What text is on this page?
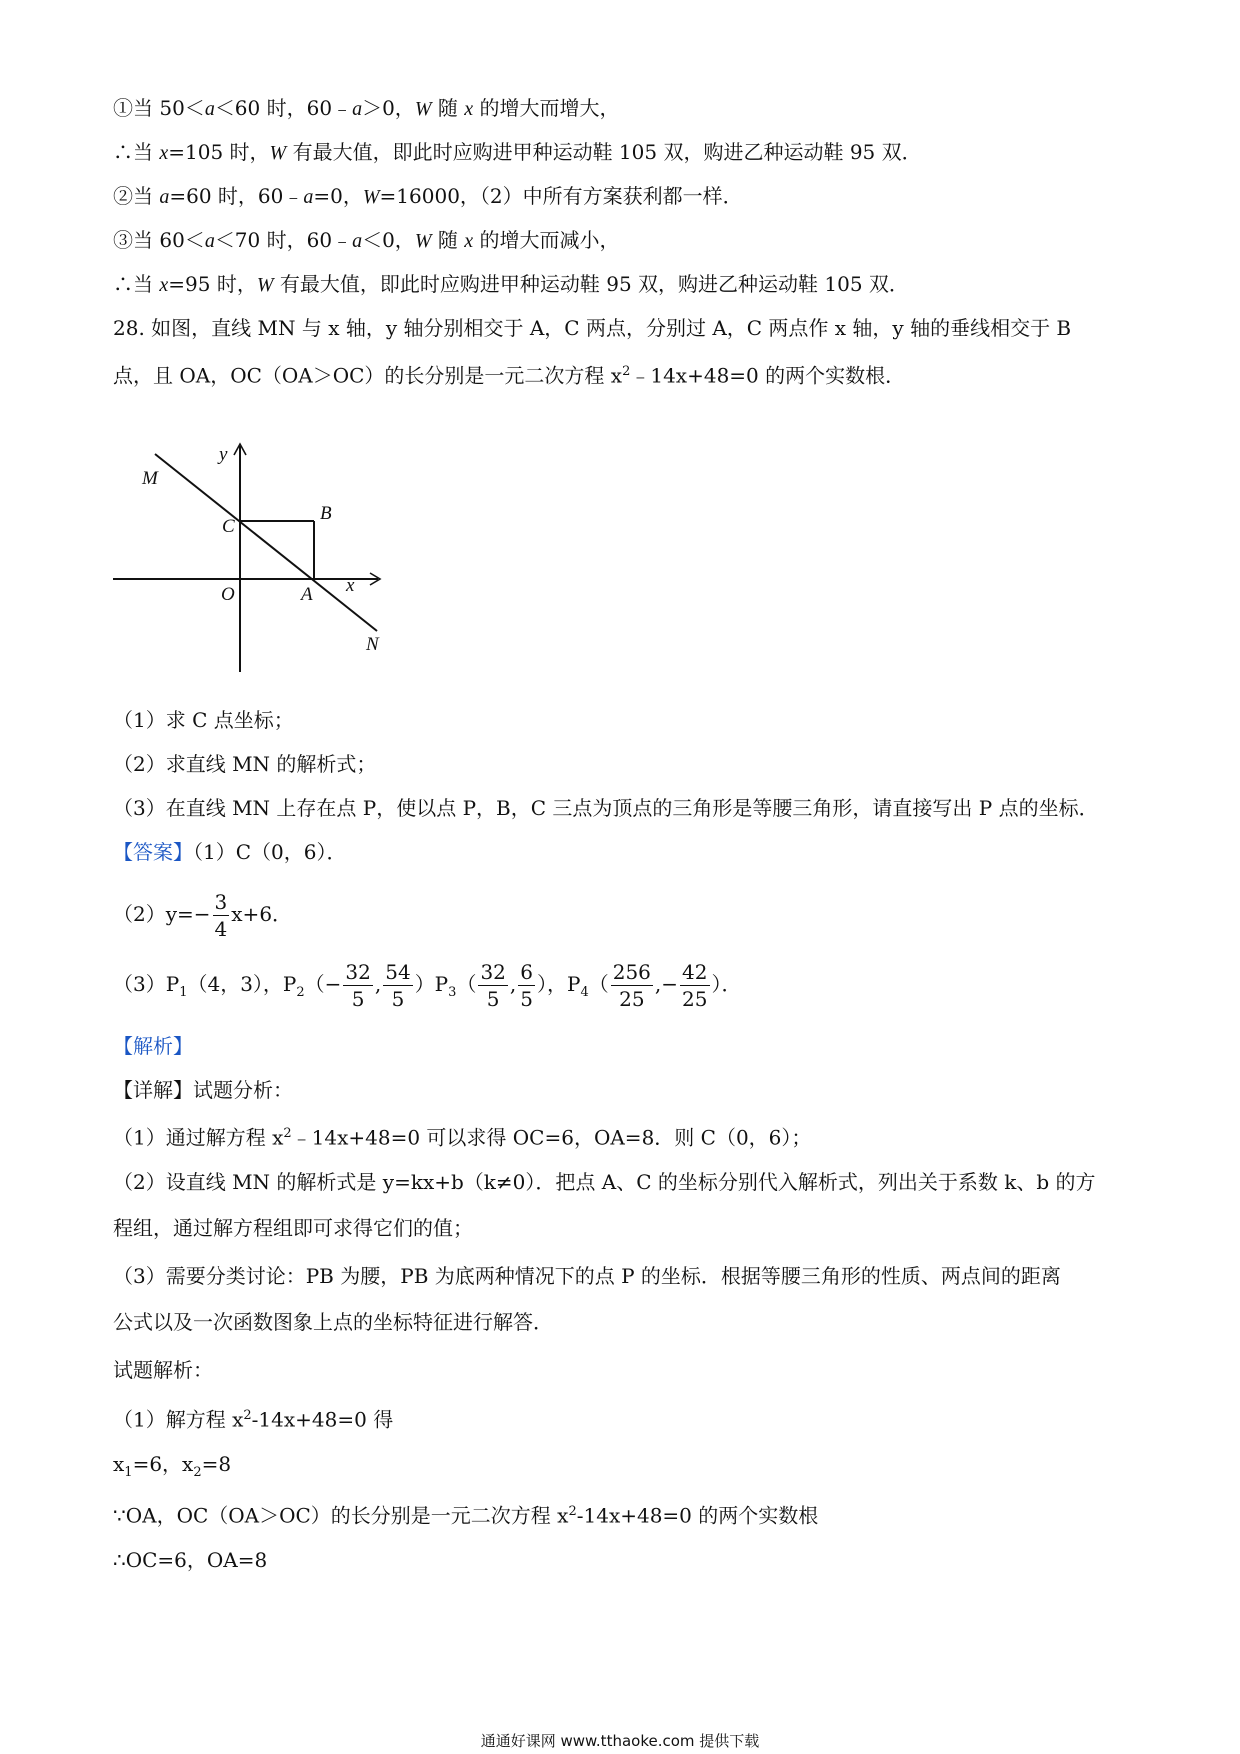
①当 50＜a＜60 时，60﹣a＞0，W 随 x 的增大而增大，
∴当 x=105 时，W 有最大值，即此时应购进甲种运动鞋 105 双，购进乙种运动鞋 95 双．
②当 a=60 时，60﹣a=0，W=16000，（2）中所有方案获利都一样．
③当 60＜a＜70 时，60﹣a＜0，W 随 x 的增大而减小，
∴当 x=95 时，W 有最大值，即此时应购进甲种运动鞋 95 双，购进乙种运动鞋 105 双．
28. 如图，直线 MN 与 x 轴，y 轴分别相交于 A，C 两点，分别过 A，C 两点作 x 轴，y 轴的垂线相交于 B
点，且 OA，OC（OA＞OC）的长分别是一元二次方程 $x^2﹣14x+48=0$ 的两个实数根．
y
x
M
N
C
B
O	A
（1）求 C 点坐标；
（2）求直线 MN 的解析式；
（3）在直线 MN 上存在点 P，使以点 P，B，C 三点为顶点的三角形是等腰三角形，请直接写出 P 点的坐标．
【答案】（1）C（0，6）．
$(2)y=- \frac{3}{4} x+6$．
$(3)P_1(4$，3），$P_2(- \frac{32}{5}$ , $\frac{54}{5} )P_3( \frac{32}{5}$ , $\frac{6}{5}$ ），$P_4( \frac{256}{25}$ ,− $\frac{42}{25}$ ）．
【解析】
【详解】试题分析：
（1）通过解方程 $x^2﹣14x+48=0$ 可以求得 OC=6，OA=8．则 C（0，6）；
（2）设直线 MN 的解析式是 y=kx+b（k≠0）．把点 A、C 的坐标分别代入解析式，列出关于系数 k、b 的方
程组，通过解方程组即可求得它们的值；
（3）需要分类讨论：PB 为腰，PB 为底两种情况下的点 P 的坐标．根据等腰三角形的性质、两点间的距离
公式以及一次函数图象上点的坐标特征进行解答．
试题解析：
（1）解方程 $x^2-14x+48=0$ 得
$x_1=6$，$x_2=8$
∵OA，OC（OA＞OC）的长分别是一元二次方程 $x^2-14x+48=0$ 的两个实数根
∴OC=6，OA=8
通通好课网 www.tthaoke.com 提供下载
